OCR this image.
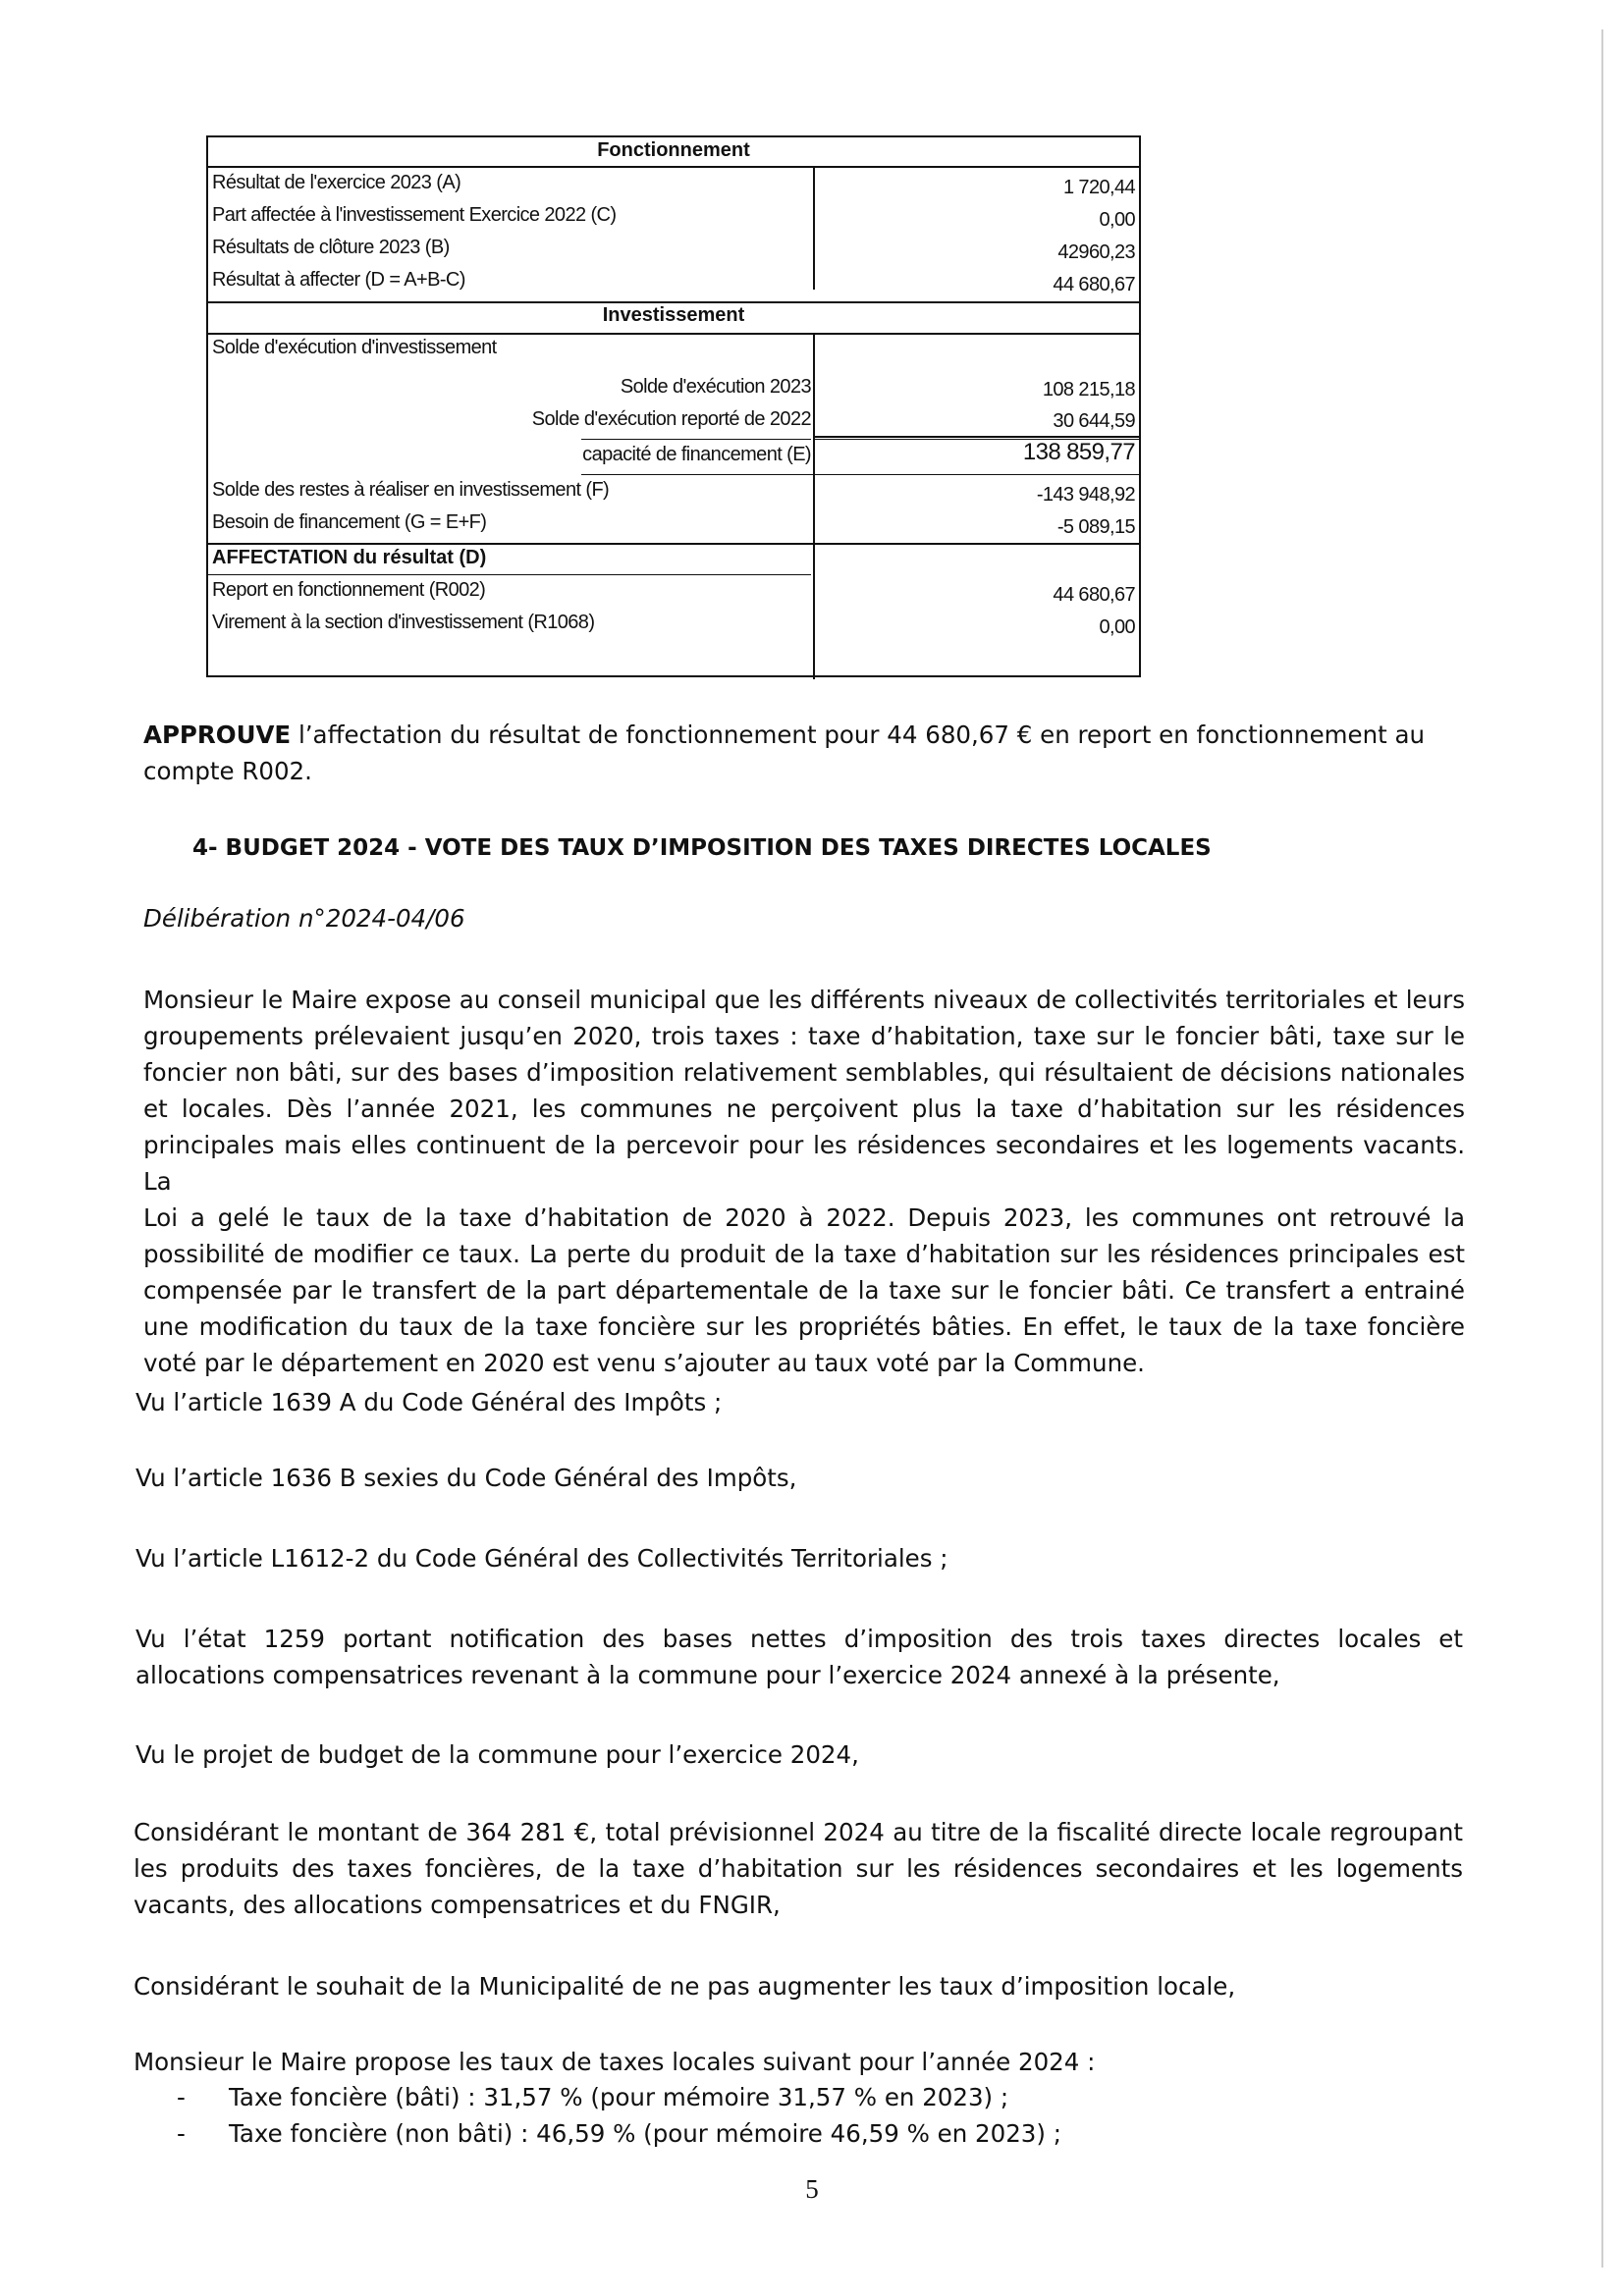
Fonctionnement
Résultat de l'exercice 2023 (A)	1 720,44
Part affectée à l'investissement Exercice 2022 (C)	0,00
Résultats de clôture 2023 (B)	42960,23
Résultat à affecter (D = A+B-C)	44 680,67
Investissement
Solde d'exécution d'investissement
Solde d'exécution 2023	108 215,18
Solde d'exécution reporté de 2022	30 644,59
capacité de financement (E)	138 859,77
Solde des restes à réaliser en investissement (F)	-143 948,92
Besoin de financement (G = E+F)	-5 089,15
AFFECTATION du résultat (D)
Report en fonctionnement (R002)	44 680,67
Virement à la section d'investissement (R1068)	0,00
APPROUVE l’affectation du résultat de fonctionnement pour 44 680,67 € en report en fonctionnement au
compte R002.
4- BUDGET 2024 - VOTE DES TAUX D’IMPOSITION DES TAXES DIRECTES LOCALES
Délibération n°2024-04/06
Monsieur le Maire expose au conseil municipal que les différents niveaux de collectivités territoriales et leurs
groupements prélevaient jusqu’en 2020, trois taxes : taxe d’habitation, taxe sur le foncier bâti, taxe sur le
foncier non bâti, sur des bases d’imposition relativement semblables, qui résultaient de décisions nationales
et locales. Dès l’année 2021, les communes ne perçoivent plus la taxe d’habitation sur les résidences
principales mais elles continuent de la percevoir pour les résidences secondaires et les logements vacants. La
Loi a gelé le taux de la taxe d’habitation de 2020 à 2022. Depuis 2023, les communes ont retrouvé la
possibilité de modifier ce taux. La perte du produit de la taxe d’habitation sur les résidences principales est
compensée par le transfert de la part départementale de la taxe sur le foncier bâti. Ce transfert a entrainé
une modification du taux de la taxe foncière sur les propriétés bâties. En effet, le taux de la taxe foncière
voté par le département en 2020 est venu s’ajouter au taux voté par la Commune.
Vu l’article 1639 A du Code Général des Impôts ;
Vu l’article 1636 B sexies du Code Général des Impôts,
Vu l’article L1612-2 du Code Général des Collectivités Territoriales ;
Vu l’état 1259 portant notification des bases nettes d’imposition des trois taxes directes locales et
allocations compensatrices revenant à la commune pour l’exercice 2024 annexé à la présente,
Vu le projet de budget de la commune pour l’exercice 2024,
Considérant le montant de 364 281 €, total prévisionnel 2024 au titre de la fiscalité directe locale regroupant
les produits des taxes foncières, de la taxe d’habitation sur les résidences secondaires et les logements
vacants, des allocations compensatrices et du FNGIR,
Considérant le souhait de la Municipalité de ne pas augmenter les taux d’imposition locale,
Monsieur le Maire propose les taux de taxes locales suivant pour l’année 2024 :
- Taxe foncière (bâti) : 31,57 % (pour mémoire 31,57 % en 2023) ;
- Taxe foncière (non bâti) : 46,59 % (pour mémoire 46,59 % en 2023) ;
5
